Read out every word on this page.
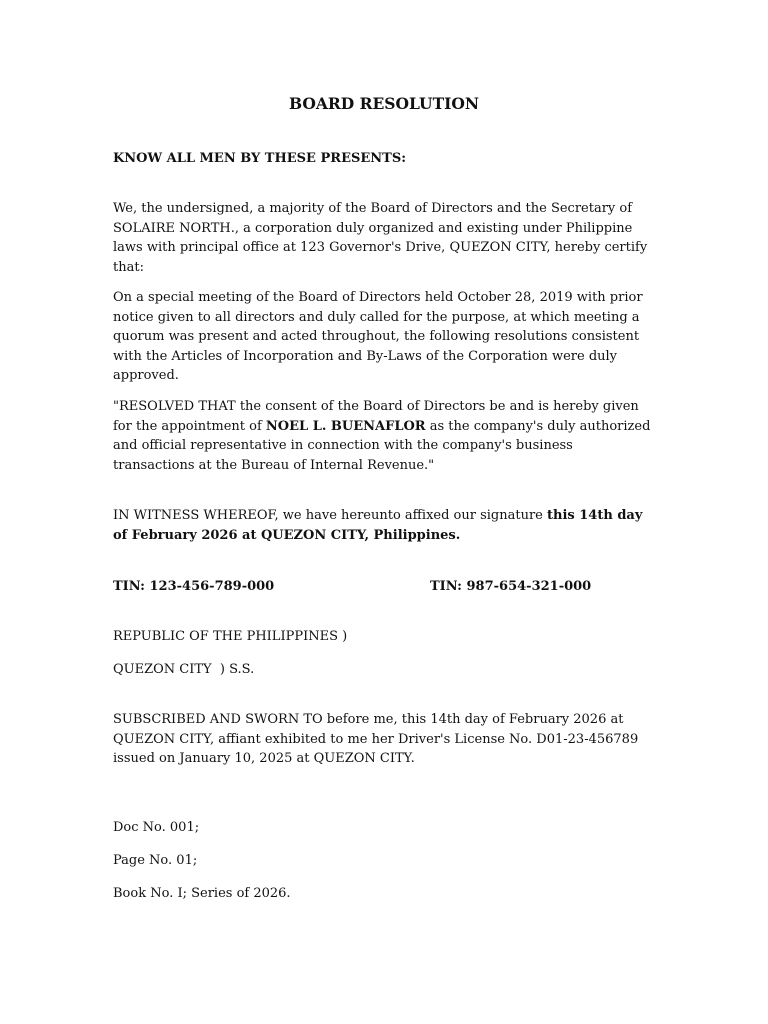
BOARD RESOLUTION

KNOW ALL MEN BY THESE PRESENTS:

We, the undersigned, a majority of the Board of Directors and the Secretary of SOLAIRE NORTH., a corporation duly organized and existing under Philippine laws with principal office at 123 Governor's Drive, QUEZON CITY, hereby certify that:

On a special meeting of the Board of Directors held October 28, 2019 with prior notice given to all directors and duly called for the purpose, at which meeting a quorum was present and acted throughout, the following resolutions consistent with the Articles of Incorporation and By-Laws of the Corporation were duly approved.

"RESOLVED THAT the consent of the Board of Directors be and is hereby given for the appointment of NOEL L. BUENAFLOR as the company's duly authorized and official representative in connection with the company's business transactions at the Bureau of Internal Revenue."

IN WITNESS WHEREOF, we have hereunto affixed our signature this 14th day of February 2026 at QUEZON CITY, Philippines.

TIN: 123-456-789-000	TIN: 987-654-321-000

REPUBLIC OF THE PHILIPPINES )

QUEZON CITY  ) S.S.

SUBSCRIBED AND SWORN TO before me, this 14th day of February 2026 at QUEZON CITY, affiant exhibited to me her Driver's License No. D01-23-456789 issued on January 10, 2025 at QUEZON CITY.

Doc No. 001;

Page No. 01;

Book No. I; Series of 2026.
